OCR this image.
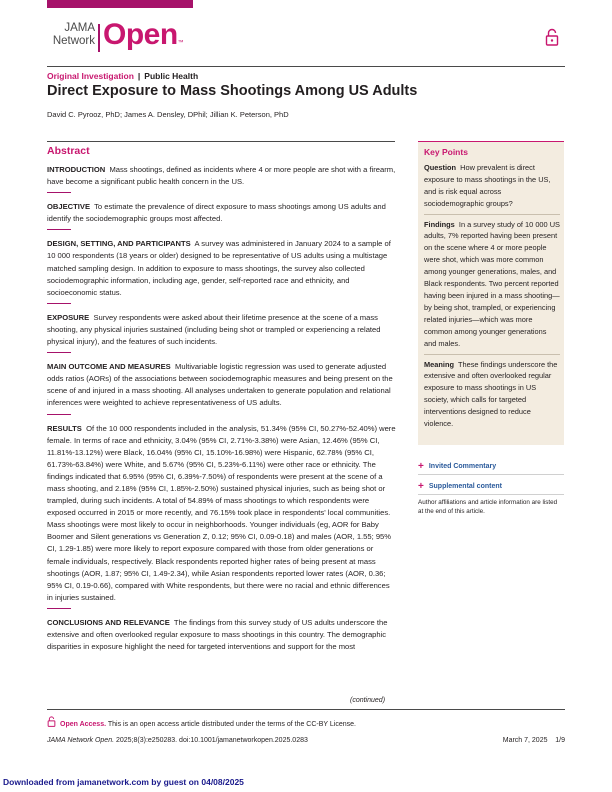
JAMA
Network Open™
Original Investigation | Public Health
Direct Exposure to Mass Shootings Among US Adults
David C. Pyrooz, PhD; James A. Densley, DPhil; Jillian K. Peterson, PhD
Abstract

INTRODUCTION Mass shootings, defined as incidents where 4 or more people are shot with a firearm, have become a significant public health concern in the US.

OBJECTIVE To estimate the prevalence of direct exposure to mass shootings among US adults and identify the sociodemographic groups most affected.

DESIGN, SETTING, AND PARTICIPANTS A survey was administered in January 2024 to a sample of 10 000 respondents (18 years or older) designed to be representative of US adults using a multistage matched sampling design. In addition to exposure to mass shootings, the survey also collected sociodemographic information, including age, gender, self-reported race and ethnicity, and socioeconomic status.

EXPOSURE Survey respondents were asked about their lifetime presence at the scene of a mass shooting, any physical injuries sustained (including being shot or trampled or experiencing a related physical injury), and the features of such incidents.

MAIN OUTCOME AND MEASURES Multivariable logistic regression was used to generate adjusted odds ratios (AORs) of the associations between sociodemographic measures and being present on the scene of and injured in a mass shooting. All analyses undertaken to generate population and relational inferences were weighted to achieve representativeness of US adults.

RESULTS Of the 10 000 respondents included in the analysis, 51.34% (95% CI, 50.27%-52.40%) were female. In terms of race and ethnicity, 3.04% (95% CI, 2.71%-3.38%) were Asian, 12.46% (95% CI, 11.81%-13.12%) were Black, 16.04% (95% CI, 15.10%-16.98%) were Hispanic, 62.78% (95% CI, 61.73%-63.84%) were White, and 5.67% (95% CI, 5.23%-6.11%) were other race or ethnicity. The findings indicated that 6.95% (95% CI, 6.39%-7.50%) of respondents were present at the scene of a mass shooting, and 2.18% (95% CI, 1.85%-2.50%) sustained physical injuries, such as being shot or trampled, during such incidents. A total of 54.89% of mass shootings to which respondents were exposed occurred in 2015 or more recently, and 76.15% took place in respondents' local communities. Mass shootings were most likely to occur in neighborhoods. Younger individuals (eg, AOR for Baby Boomer and Silent generations vs Generation Z, 0.12; 95% CI, 0.09-0.18) and males (AOR, 1.55; 95% CI, 1.29-1.85) were more likely to report exposure compared with those from older generations or female individuals, respectively. Black respondents reported higher rates of being present at mass shootings (AOR, 1.87; 95% CI, 1.49-2.34), while Asian respondents reported lower rates (AOR, 0.36; 95% CI, 0.19-0.66), compared with White respondents, but there were no racial and ethnic differences in injuries sustained.

CONCLUSIONS AND RELEVANCE The findings from this survey study of US adults underscore the extensive and often overlooked regular exposure to mass shootings in this country. The demographic disparities in exposure highlight the need for targeted interventions and support for the most

(continued)
Key Points

Question How prevalent is direct exposure to mass shootings in the US, and is risk equal across sociodemographic groups?

Findings In a survey study of 10 000 US adults, 7% reported having been present on the scene where 4 or more people were shot, which was more common among younger generations, males, and Black respondents. Two percent reported having been injured in a mass shooting—by being shot, trampled, or experiencing related injuries—which was more common among younger generations and males.

Meaning These findings underscore the extensive and often overlooked regular exposure to mass shootings in US society, which calls for targeted interventions designed to reduce violence.

+ Invited Commentary
+ Supplemental content
Author affiliations and article information are listed at the end of this article.
Open Access. This is an open access article distributed under the terms of the CC-BY License.
JAMA Network Open. 2025;8(3):e250283. doi:10.1001/jamanetworkopen.2025.0283	March 7, 2025 1/9
Downloaded from jamanetwork.com by guest on 04/08/2025
